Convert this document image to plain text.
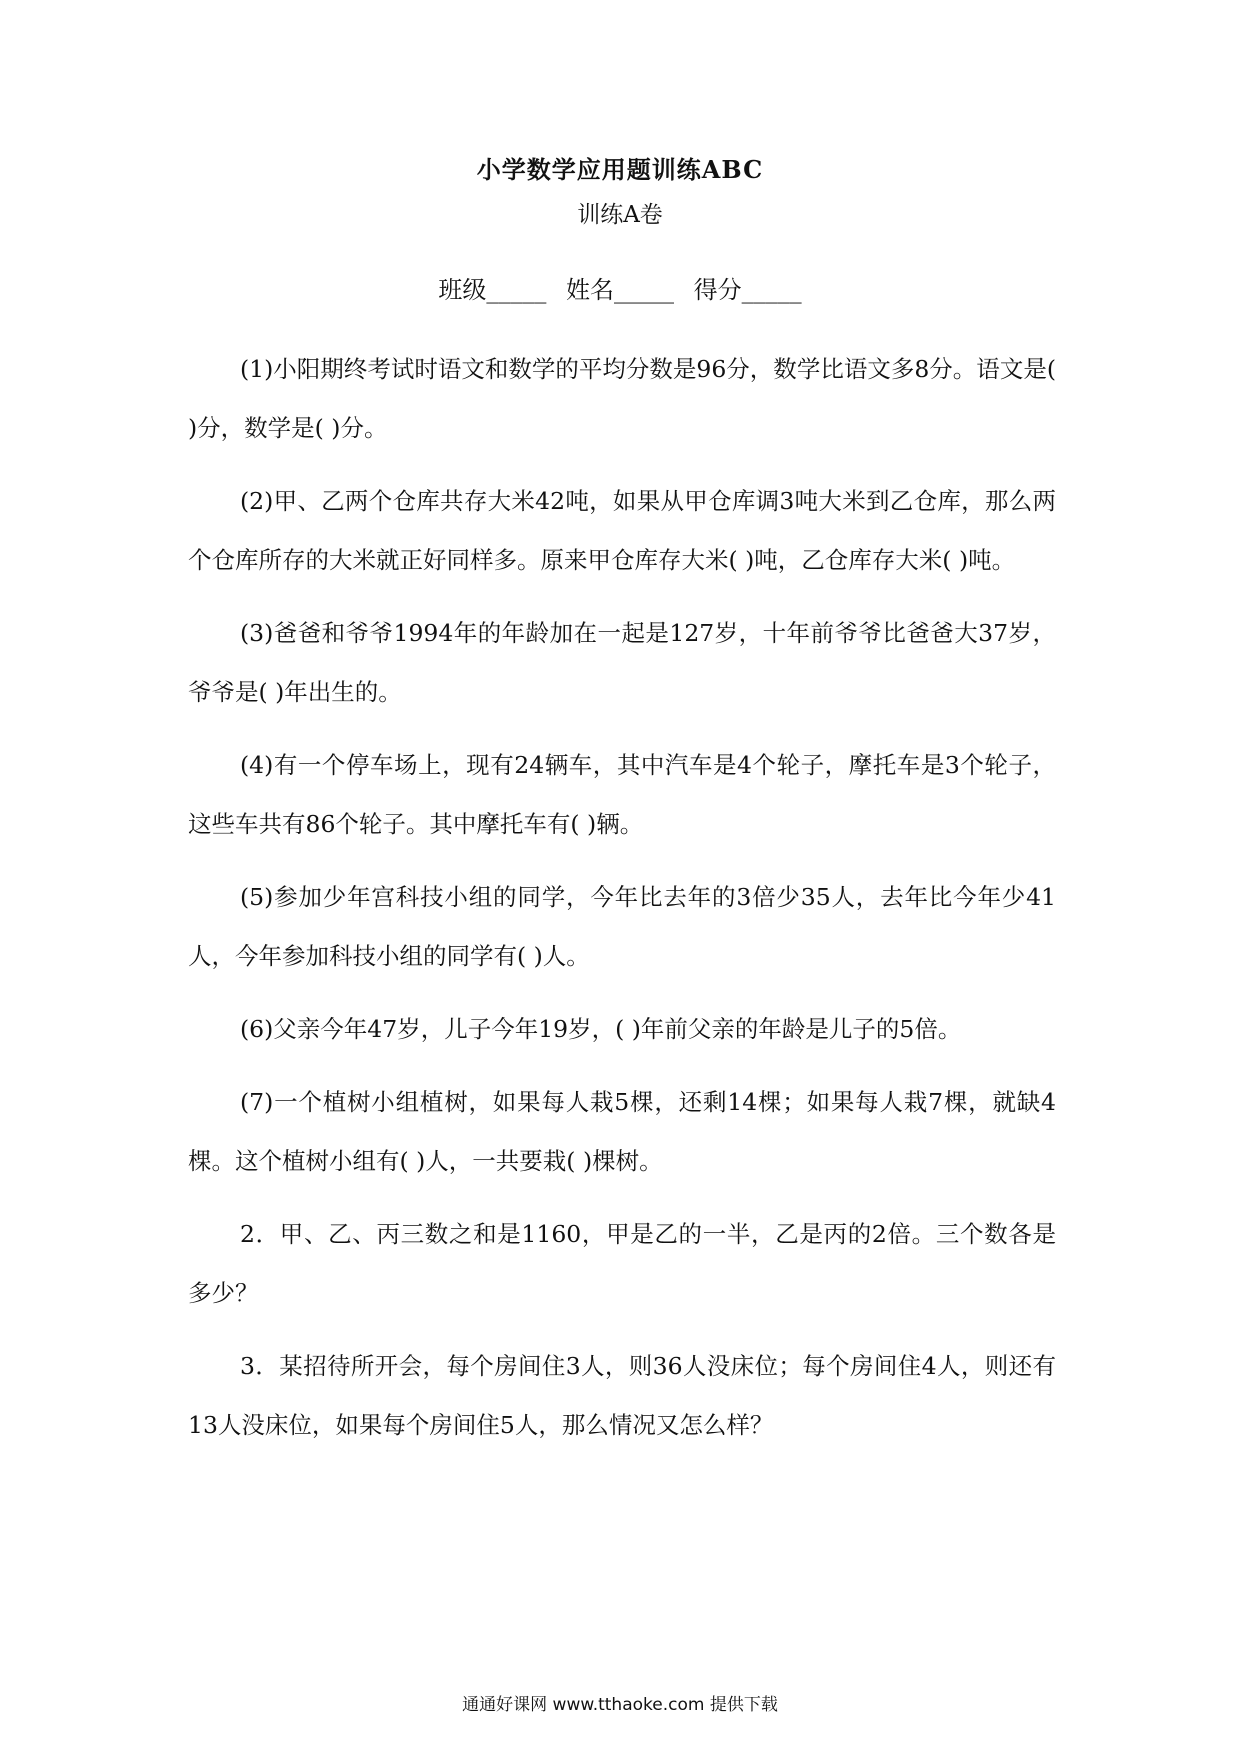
小学数学应用题训练ABC
训练A卷
班级_____ 姓名_____ 得分_____

(1)小阳期终考试时语文和数学的平均分数是96分，数学比语文多8分。语文是( )分，数学是( )分。

(2)甲、乙两个仓库共存大米42吨，如果从甲仓库调3吨大米到乙仓库，那么两个仓库所存的大米就正好同样多。原来甲仓库存大米( )吨，乙仓库存大米( )吨。

(3)爸爸和爷爷1994年的年龄加在一起是127岁，十年前爷爷比爸爸大37岁，爷爷是( )年出生的。

(4)有一个停车场上，现有24辆车，其中汽车是4个轮子，摩托车是3个轮子，这些车共有86个轮子。其中摩托车有( )辆。

(5)参加少年宫科技小组的同学，今年比去年的3倍少35人，去年比今年少41人，今年参加科技小组的同学有( )人。

(6)父亲今年47岁，儿子今年19岁，( )年前父亲的年龄是儿子的5倍。

(7)一个植树小组植树，如果每人栽5棵，还剩14棵；如果每人栽7棵，就缺4棵。这个植树小组有( )人，一共要栽( )棵树。

2．甲、乙、丙三数之和是1160，甲是乙的一半，乙是丙的2倍。三个数各是多少？

3．某招待所开会，每个房间住3人，则36人没床位；每个房间住4人，则还有13人没床位，如果每个房间住5人，那么情况又怎么样？

通通好课网 www.tthaoke.com 提供下载
